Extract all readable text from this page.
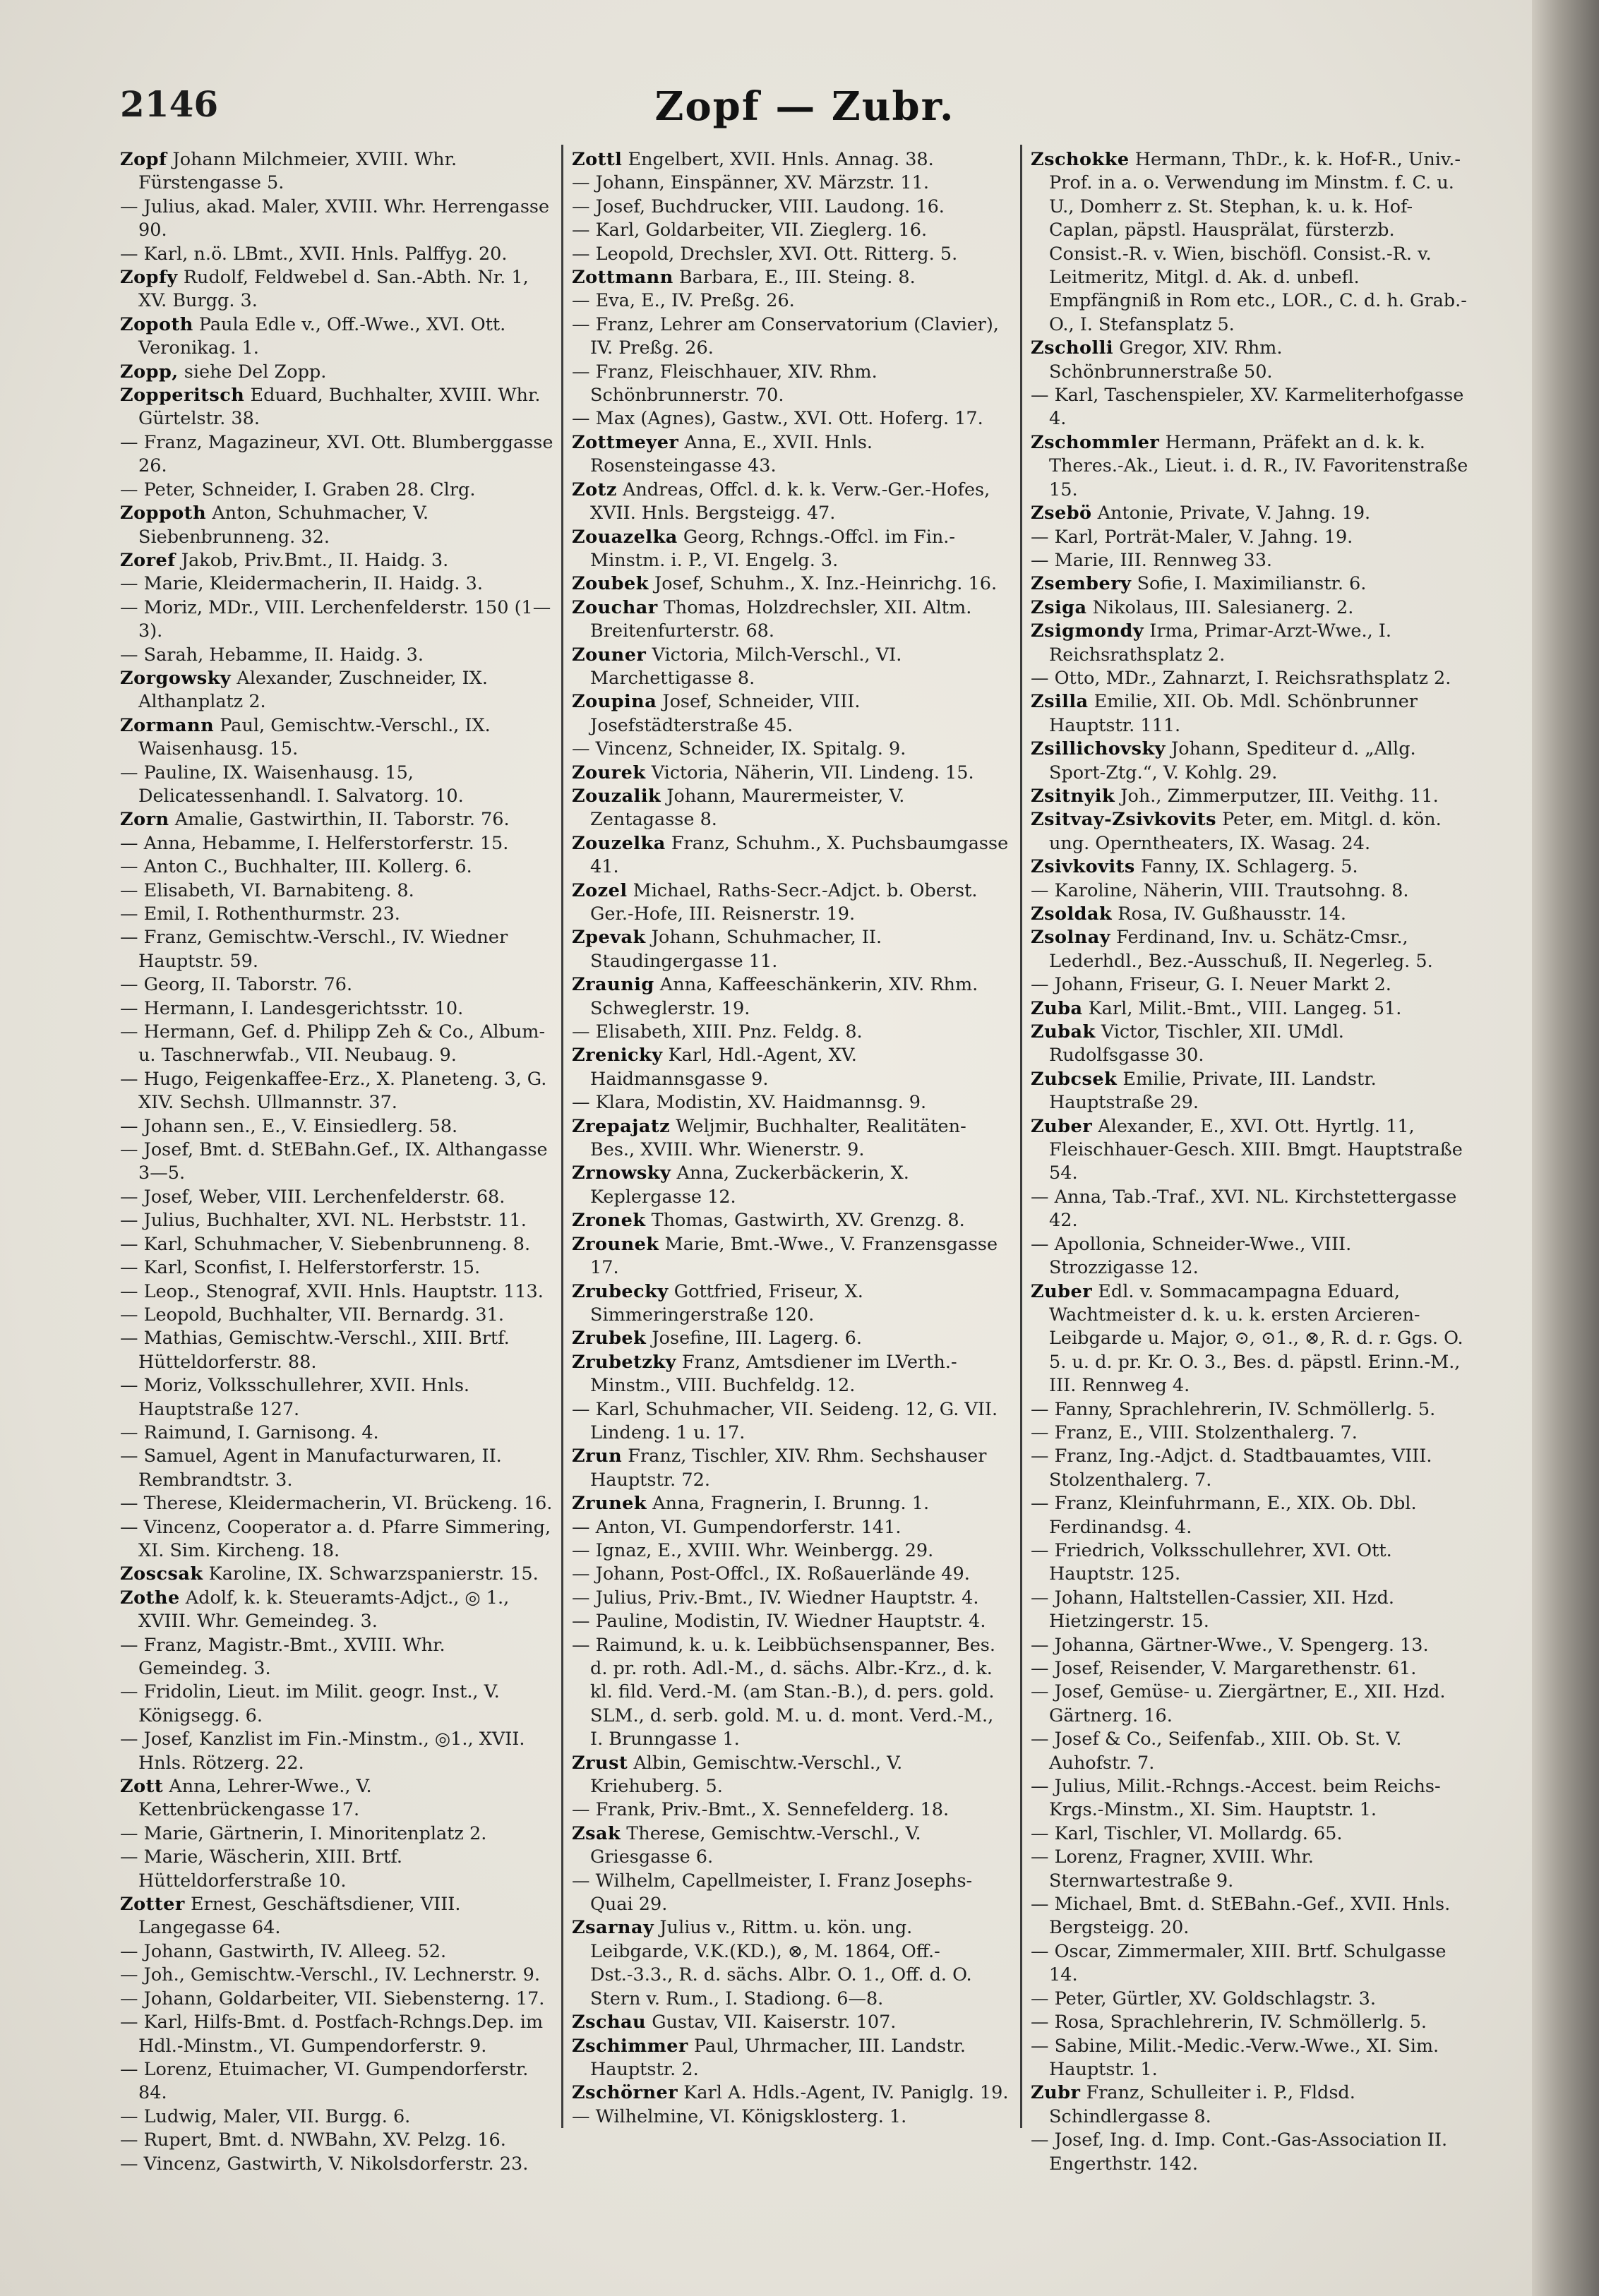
2146	Zopf — Zubr.
Zopf Johann Milchmeier, XVIII. Whr. Fürstengasse 5.
— Julius, akad. Maler, XVIII. Whr. Herrengasse 90.
— Karl, n.ö. LBmt., XVII. Hnls. Palffyg. 20.
Zopfy Rudolf, Feldwebel d. San.-Abth. Nr. 1, XV. Burgg. 3.
Zopoth Paula Edle v., Off.-Wwe., XVI. Ott. Veronikag. 1.
Zopp, siehe Del Zopp.
Zopperitsch Eduard, Buchhalter, XVIII. Whr. Gürtelstr. 38.
— Franz, Magazineur, XVI. Ott. Blumberggasse 26.
— Peter, Schneider, I. Graben 28. Clrg.
Zoppoth Anton, Schuhmacher, V. Siebenbrunneng. 32.
Zoref Jakob, Priv.Bmt., II. Haidg. 3.
— Marie, Kleidermacherin, II. Haidg. 3.
— Moriz, MDr., VIII. Lerchenfelderstr. 150 (1—3).
— Sarah, Hebamme, II. Haidg. 3.
Zorgowsky Alexander, Zuschneider, IX. Althanplatz 2.
Zormann Paul, Gemischtw.-Verschl., IX. Waisenhausg. 15.
— Pauline, IX. Waisenhausg. 15, Delicatessenhandl. I. Salvatorg. 10.
Zorn Amalie, Gastwirthin, II. Taborstr. 76.
— Anna, Hebamme, I. Helferstorferstr. 15.
— Anton C., Buchhalter, III. Kollerg. 6.
— Elisabeth, VI. Barnabiteng. 8.
— Emil, I. Rothenthurmstr. 23.
— Franz, Gemischtw.-Verschl., IV. Wiedner Hauptstr. 59.
— Georg, II. Taborstr. 76.
— Hermann, I. Landesgerichtsstr. 10.
— Hermann, Gef. d. Philipp Zeh & Co., Album- u. Taschnerwfab., VII. Neubaug. 9.
— Hugo, Feigenkaffee-Erz., X. Planeteng. 3, G. XIV. Sechsh. Ullmannstr. 37.
— Johann sen., E., V. Einsiedlerg. 58.
— Josef, Bmt. d. StEBahn.Gef., IX. Althangasse 3—5.
— Josef, Weber, VIII. Lerchenfelderstr. 68.
— Julius, Buchhalter, XVI. NL. Herbststr. 11.
— Karl, Schuhmacher, V. Siebenbrunneng. 8.
— Karl, Sconfist, I. Helferstorferstr. 15.
— Leop., Stenograf, XVII. Hnls. Hauptstr. 113.
— Leopold, Buchhalter, VII. Bernardg. 31.
— Mathias, Gemischtw.-Verschl., XIII. Brtf. Hütteldorferstr. 88.
— Moriz, Volksschullehrer, XVII. Hnls. Hauptstraße 127.
— Raimund, I. Garnisong. 4.
— Samuel, Agent in Manufacturwaren, II. Rembrandtstr. 3.
— Therese, Kleidermacherin, VI. Brückeng. 16.
— Vincenz, Cooperator a. d. Pfarre Simmering, XI. Sim. Kircheng. 18.
Zoscsak Karoline, IX. Schwarzspanierstr. 15.
Zothe Adolf, k. k. Steueramts-Adjct., ◎ 1., XVIII. Whr. Gemeindeg. 3.
— Franz, Magistr.-Bmt., XVIII. Whr. Gemeindeg. 3.
— Fridolin, Lieut. im Milit. geogr. Inst., V. Königsegg. 6.
— Josef, Kanzlist im Fin.-Minstm., ◎1., XVII. Hnls. Rötzerg. 22.
Zott Anna, Lehrer-Wwe., V. Kettenbrückengasse 17.
— Marie, Gärtnerin, I. Minoritenplatz 2.
— Marie, Wäscherin, XIII. Brtf. Hütteldorferstraße 10.
Zotter Ernest, Geschäftsdiener, VIII. Langegasse 64.
— Johann, Gastwirth, IV. Alleeg. 52.
— Joh., Gemischtw.-Verschl., IV. Lechnerstr. 9.
— Johann, Goldarbeiter, VII. Siebensterng. 17.
— Karl, Hilfs-Bmt. d. Postfach-Rchngs.Dep. im Hdl.-Minstm., VI. Gumpendorferstr. 9.
— Lorenz, Etuimacher, VI. Gumpendorferstr. 84.
— Ludwig, Maler, VII. Burgg. 6.
— Rupert, Bmt. d. NWBahn, XV. Pelzg. 16.
— Vincenz, Gastwirth, V. Nikolsdorferstr. 23.
Zottl Engelbert, XVII. Hnls. Annag. 38.
— Johann, Einspänner, XV. Märzstr. 11.
— Josef, Buchdrucker, VIII. Laudong. 16.
— Karl, Goldarbeiter, VII. Zieglerg. 16.
— Leopold, Drechsler, XVI. Ott. Ritterg. 5.
Zottmann Barbara, E., III. Steing. 8.
— Eva, E., IV. Preßg. 26.
— Franz, Lehrer am Conservatorium (Clavier), IV. Preßg. 26.
— Franz, Fleischhauer, XIV. Rhm. Schönbrunnerstr. 70.
— Max (Agnes), Gastw., XVI. Ott. Hoferg. 17.
Zottmeyer Anna, E., XVII. Hnls. Rosensteingasse 43.
Zotz Andreas, Offcl. d. k. k. Verw.-Ger.-Hofes, XVII. Hnls. Bergsteigg. 47.
Zouazelka Georg, Rchngs.-Offcl. im Fin.-Minstm. i. P., VI. Engelg. 3.
Zoubek Josef, Schuhm., X. Inz.-Heinrichg. 16.
Zouchar Thomas, Holzdrechsler, XII. Altm. Breitenfurterstr. 68.
Zouner Victoria, Milch-Verschl., VI. Marchettigasse 8.
Zoupina Josef, Schneider, VIII. Josefstädterstraße 45.
— Vincenz, Schneider, IX. Spitalg. 9.
Zourek Victoria, Näherin, VII. Lindeng. 15.
Zouzalik Johann, Maurermeister, V. Zentagasse 8.
Zouzelka Franz, Schuhm., X. Puchsbaumgasse 41.
Zozel Michael, Raths-Secr.-Adjct. b. Oberst. Ger.-Hofe, III. Reisnerstr. 19.
Zpevak Johann, Schuhmacher, II. Staudingergasse 11.
Zraunig Anna, Kaffeeschänkerin, XIV. Rhm. Schweglerstr. 19.
— Elisabeth, XIII. Pnz. Feldg. 8.
Zrenicky Karl, Hdl.-Agent, XV. Haidmannsgasse 9.
— Klara, Modistin, XV. Haidmannsg. 9.
Zrepajatz Weljmir, Buchhalter, Realitäten-Bes., XVIII. Whr. Wienerstr. 9.
Zrnowsky Anna, Zuckerbäckerin, X. Keplergasse 12.
Zronek Thomas, Gastwirth, XV. Grenzg. 8.
Zrounek Marie, Bmt.-Wwe., V. Franzensgasse 17.
Zrubecky Gottfried, Friseur, X. Simmeringerstraße 120.
Zrubek Josefine, III. Lagerg. 6.
Zrubetzky Franz, Amtsdiener im LVerth.-Minstm., VIII. Buchfeldg. 12.
— Karl, Schuhmacher, VII. Seideng. 12, G. VII. Lindeng. 1 u. 17.
Zrun Franz, Tischler, XIV. Rhm. Sechshauser Hauptstr. 72.
Zrunek Anna, Fragnerin, I. Brunng. 1.
— Anton, VI. Gumpendorferstr. 141.
— Ignaz, E., XVIII. Whr. Weinbergg. 29.
— Johann, Post-Offcl., IX. Roßauerlände 49.
— Julius, Priv.-Bmt., IV. Wiedner Hauptstr. 4.
— Pauline, Modistin, IV. Wiedner Hauptstr. 4.
— Raimund, k. u. k. Leibbüchsenspanner, Bes. d. pr. roth. Adl.-M., d. sächs. Albr.-Krz., d. k. kl. fild. Verd.-M. (am Stan.-B.), d. pers. gold. SLM., d. serb. gold. M. u. d. mont. Verd.-M., I. Brunngasse 1.
Zrust Albin, Gemischtw.-Verschl., V. Kriehuberg. 5.
— Frank, Priv.-Bmt., X. Sennefelderg. 18.
Zsak Therese, Gemischtw.-Verschl., V. Griesgasse 6.
— Wilhelm, Capellmeister, I. Franz Josephs-Quai 29.
Zsarnay Julius v., Rittm. u. kön. ung. Leibgarde, V.K.(KD.), ⊗, M. 1864, Off.-Dst.-3.3., R. d. sächs. Albr. O. 1., Off. d. O. Stern v. Rum., I. Stadiong. 6—8.
Zschau Gustav, VII. Kaiserstr. 107.
Zschimmer Paul, Uhrmacher, III. Landstr. Hauptstr. 2.
Zschörner Karl A. Hdls.-Agent, IV. Paniglg. 19.
— Wilhelmine, VI. Königsklosterg. 1.
Zschokke Hermann, ThDr., k. k. Hof-R., Univ.-Prof. in a. o. Verwendung im Minstm. f. C. u. U., Domherr z. St. Stephan, k. u. k. Hof-Caplan, päpstl. Hausprälat, fürsterzb. Consist.-R. v. Wien, bischöfl. Consist.-R. v. Leitmeritz, Mitgl. d. Ak. d. unbefl. Empfängniß in Rom etc., LOR., C. d. h. Grab.-O., I. Stefansplatz 5.
Zscholli Gregor, XIV. Rhm. Schönbrunnerstraße 50.
— Karl, Taschenspieler, XV. Karmeliterhofgasse 4.
Zschommler Hermann, Präfekt an d. k. k. Theres.-Ak., Lieut. i. d. R., IV. Favoritenstraße 15.
Zsebö Antonie, Private, V. Jahng. 19.
— Karl, Porträt-Maler, V. Jahng. 19.
— Marie, III. Rennweg 33.
Zsembery Sofie, I. Maximilianstr. 6.
Zsiga Nikolaus, III. Salesianerg. 2.
Zsigmondy Irma, Primar-Arzt-Wwe., I. Reichsrathsplatz 2.
— Otto, MDr., Zahnarzt, I. Reichsrathsplatz 2.
Zsilla Emilie, XII. Ob. Mdl. Schönbrunner Hauptstr. 111.
Zsillichovsky Johann, Spediteur d. „Allg. Sport-Ztg.“, V. Kohlg. 29.
Zsitnyik Joh., Zimmerputzer, III. Veithg. 11.
Zsitvay-Zsivkovits Peter, em. Mitgl. d. kön. ung. Opernthеaters, IX. Wasag. 24.
Zsivkovits Fanny, IX. Schlagerg. 5.
— Karoline, Näherin, VIII. Trautsohng. 8.
Zsoldak Rosa, IV. Gußhausstr. 14.
Zsolnay Ferdinand, Inv. u. Schätz-Cmsr., Lederhdl., Bez.-Ausschuß, II. Negerleg. 5.
— Johann, Friseur, G. I. Neuer Markt 2.
Zuba Karl, Milit.-Bmt., VIII. Langeg. 51.
Zubak Victor, Tischler, XII. UMdl. Rudolfsgasse 30.
Zubcsek Emilie, Private, III. Landstr. Hauptstraße 29.
Zuber Alexander, E., XVI. Ott. Hyrtlg. 11, Fleischhauer-Gesch. XIII. Bmgt. Hauptstraße 54.
— Anna, Tab.-Traf., XVI. NL. Kirchstettergasse 42.
— Apollonia, Schneider-Wwe., VIII. Strozzigasse 12.
Zuber Edl. v. Sommacampagna Eduard, Wachtmeister d. k. u. k. ersten Arcieren-Leibgarde u. Major, ⊙, ⊙1., ⊗, R. d. r. Ggs. O. 5. u. d. pr. Kr. O. 3., Bes. d. päpstl. Erinn.-M., III. Rennweg 4.
— Fanny, Sprachlehrerin, IV. Schmöllerlg. 5.
— Franz, E., VIII. Stolzenthalerg. 7.
— Franz, Ing.-Adjct. d. Stadtbauamtes, VIII. Stolzenthalerg. 7.
— Franz, Kleinfuhrmann, E., XIX. Ob. Dbl. Ferdinandsg. 4.
— Friedrich, Volksschullehrer, XVI. Ott. Hauptstr. 125.
— Johann, Haltstellen-Cassier, XII. Hzd. Hietzingerstr. 15.
— Johanna, Gärtner-Wwe., V. Spengerg. 13.
— Josef, Reisender, V. Margarethenstr. 61.
— Josef, Gemüse- u. Ziergärtner, E., XII. Hzd. Gärtnerg. 16.
— Josef & Co., Seifenfab., XIII. Ob. St. V. Auhofstr. 7.
— Julius, Milit.-Rchngs.-Accest. beim Reichs-Krgs.-Minstm., XI. Sim. Hauptstr. 1.
— Karl, Tischler, VI. Mollardg. 65.
— Lorenz, Fragner, XVIII. Whr. Sternwartestraße 9.
— Michael, Bmt. d. StEBahn.-Gef., XVII. Hnls. Bergsteigg. 20.
— Oscar, Zimmermaler, XIII. Brtf. Schulgasse 14.
— Peter, Gürtler, XV. Goldschlagstr. 3.
— Rosa, Sprachlehrerin, IV. Schmöllerlg. 5.
— Sabine, Milit.-Medic.-Verw.-Wwe., XI. Sim. Hauptstr. 1.
Zubr Franz, Schulleiter i. P., Fldsd. Schindlergasse 8.
— Josef, Ing. d. Imp. Cont.-Gas-Association II. Engerthstr. 142.
